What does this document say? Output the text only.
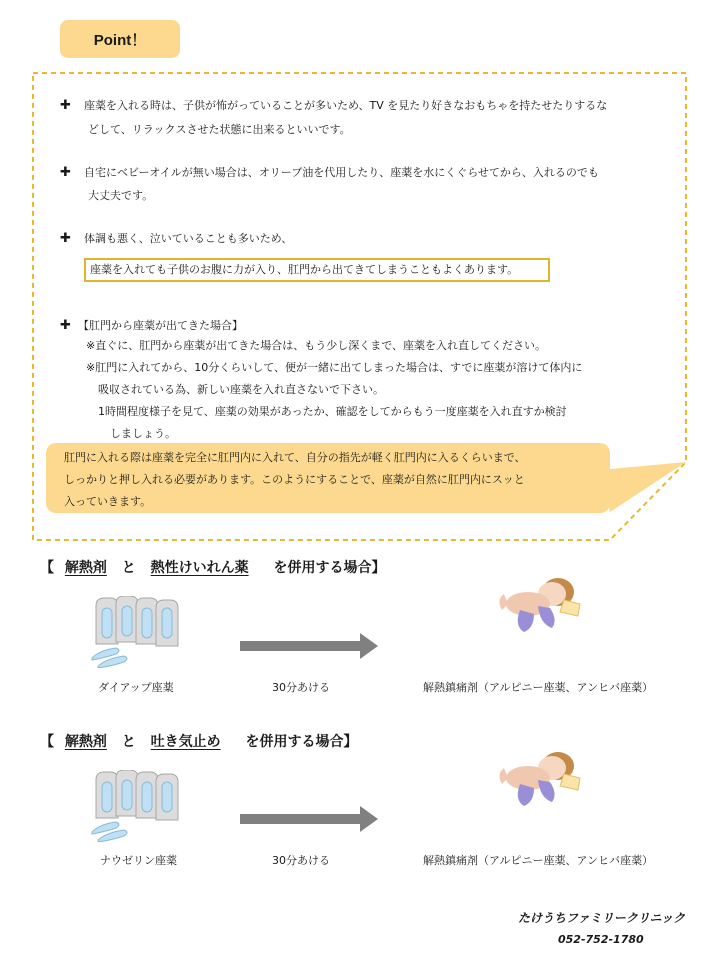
Point！
肛門に入れる際は座薬を完全に肛門内に入れて、自分の指先が軽く肛門内に入るくらいまで、
しっかりと押し入れる必要があります。このようにすることで、座薬が自然に肛門内にスッと
入っていきます。
✚ 座薬を入れる時は、子供が怖がっていることが多いため、TV を見たり好きなおもちゃを持たせたりするな
どして、リラックスさせた状態に出来るといいです。
✚ 自宅にベビーオイルが無い場合は、オリーブ油を代用したり、座薬を水にくぐらせてから、入れるのでも
大丈夫です。
✚ 体調も悪く、泣いていることも多いため、
座薬を入れても子供のお腹に力が入り、肛門から出てきてしまうこともよくあります。
✚ 【肛門から座薬が出てきた場合】
※直ぐに、肛門から座薬が出てきた場合は、もう少し深くまで、座薬を入れ直してください。
※肛門に入れてから、10分くらいして、便が一緒に出てしまった場合は、すでに座薬が溶けて体内に
吸収されている為、新しい座薬を入れ直さないで下さい。
1時間程度様子を見て、座薬の効果があったか、確認をしてからもう一度座薬を入れ直すか検討
しましょう。
【 解熱剤 と 熱性けいれん薬 を併用する場合】
ダイアップ座薬	30分あける	解熱鎮痛剤（アルピニー座薬、アンヒバ座薬）
【 解熱剤 と 吐き気止め を併用する場合】
ナウゼリン座薬	30分あける	解熱鎮痛剤（アルピニー座薬、アンヒバ座薬）
たけうちファミリークリニック
052-752-1780
